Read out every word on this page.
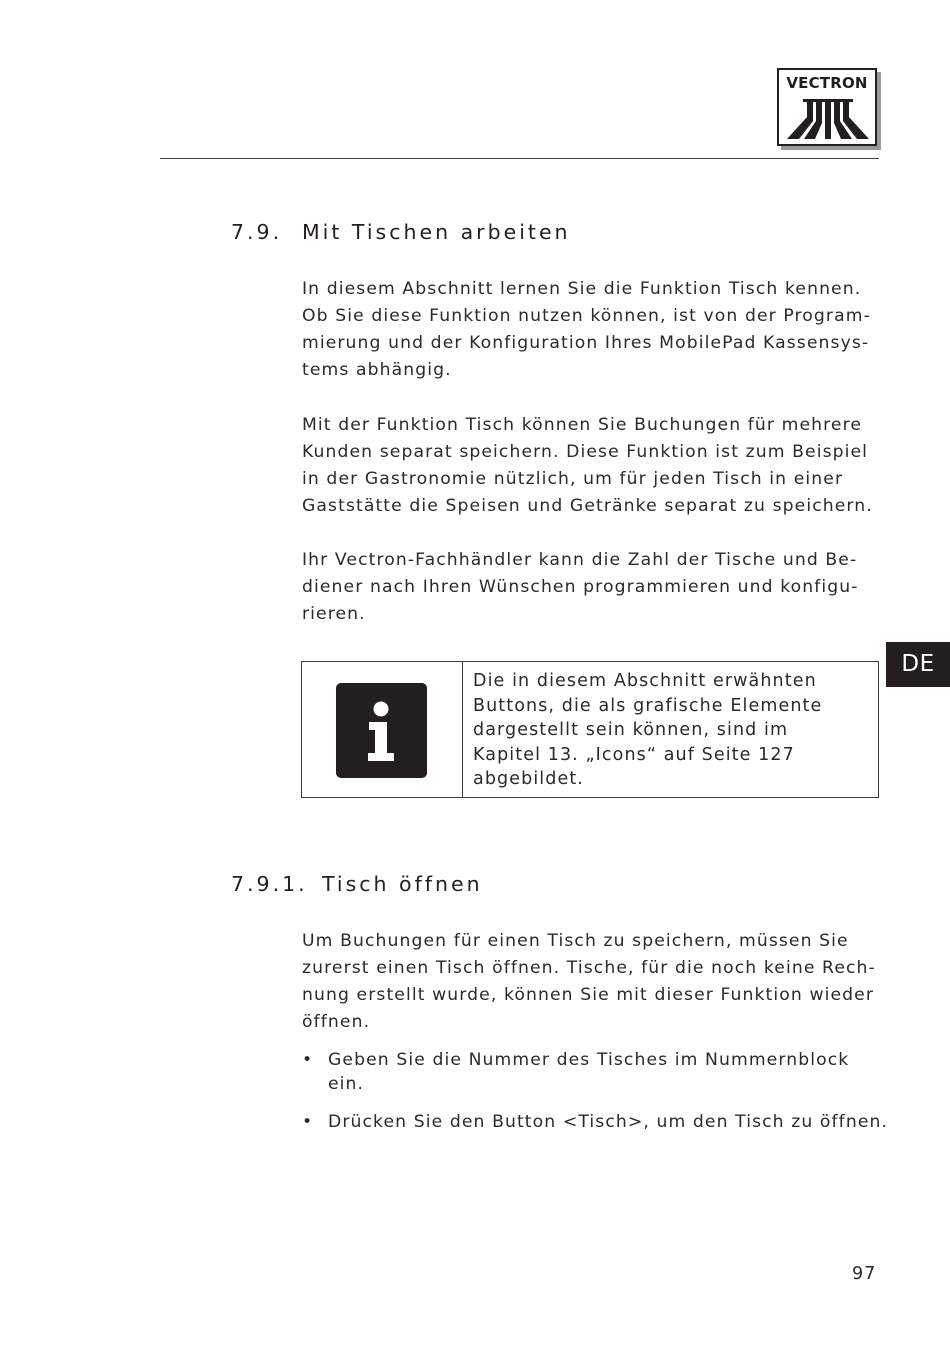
VECTRON
7.9. Mit Tischen arbeiten

In diesem Abschnitt lernen Sie die Funktion Tisch kennen.
Ob Sie diese Funktion nutzen können, ist von der Program-
mierung und der Konfiguration Ihres MobilePad Kassensys-
tems abhängig.

Mit der Funktion Tisch können Sie Buchungen für mehrere
Kunden separat speichern. Diese Funktion ist zum Beispiel
in der Gastronomie nützlich, um für jeden Tisch in einer
Gaststätte die Speisen und Getränke separat zu speichern.

Ihr Vectron-Fachhändler kann die Zahl der Tische und Be-
diener nach Ihren Wünschen programmieren und konfigu-
rieren.

Die in diesem Abschnitt erwähnten
Buttons, die als grafische Elemente
dargestellt sein können, sind im
Kapitel 13. „Icons“ auf Seite 127
abgebildet.
DE
7.9.1. Tisch öffnen

Um Buchungen für einen Tisch zu speichern, müssen Sie
zurerst einen Tisch öffnen. Tische, für die noch keine Rech-
nung erstellt wurde, können Sie mit dieser Funktion wieder
öffnen.

• Geben Sie die Nummer des Tisches im Nummernblock
ein.
• Drücken Sie den Button <Tisch>, um den Tisch zu öffnen.
97
